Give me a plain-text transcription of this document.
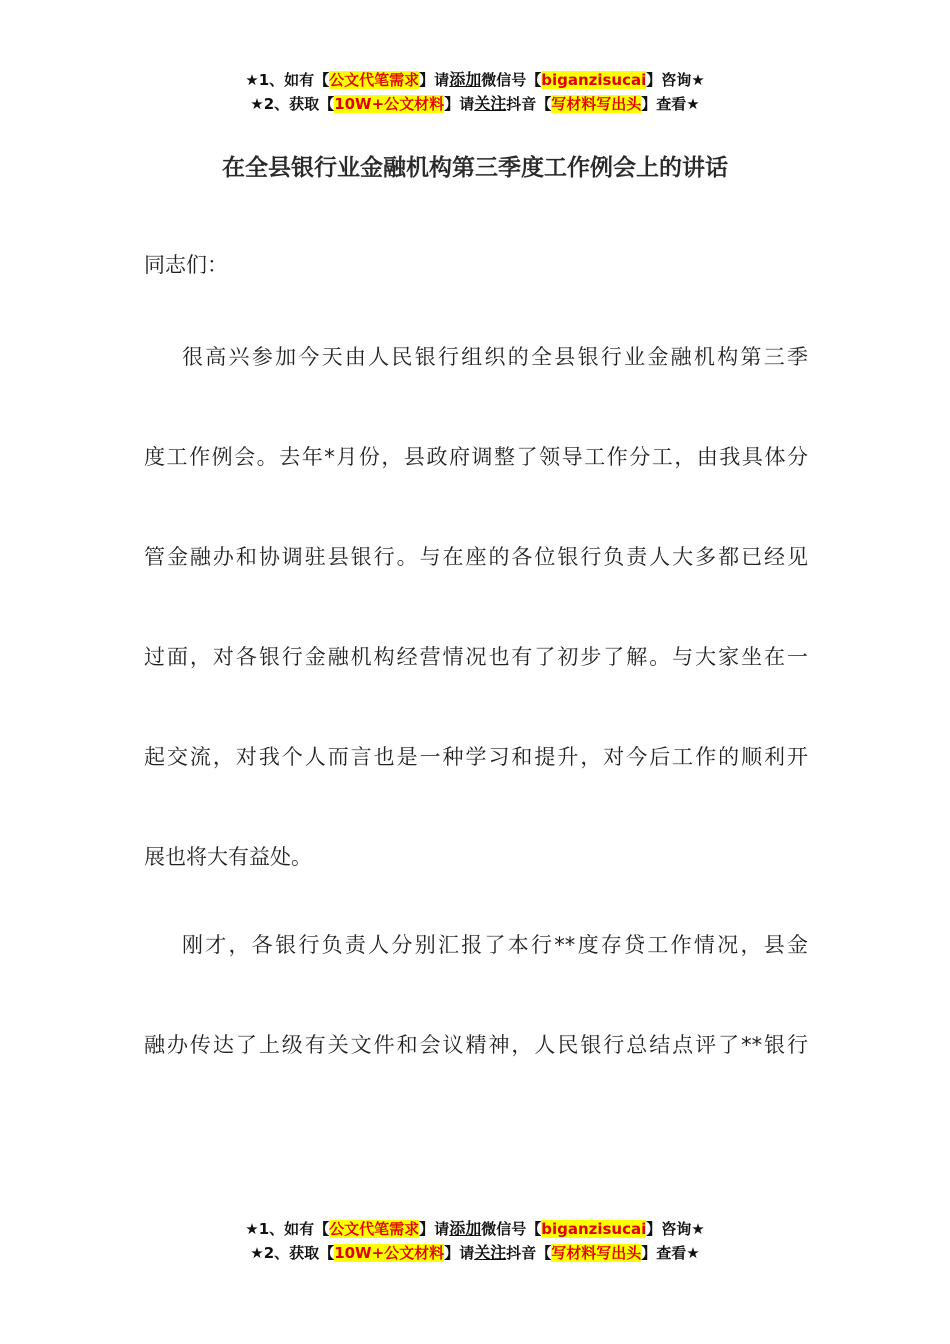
★1、如有【公文代笔需求】请添加微信号【biganzisucai】咨询★
★2、获取【10W+公文材料】请关注抖音【写材料写出头】查看★
在全县银行业金融机构第三季度工作例会上的讲话
同志们：
很高兴参加今天由人民银行组织的全县银行业金融机构第三季
度工作例会。去年*月份，县政府调整了领导工作分工，由我具体分
管金融办和协调驻县银行。与在座的各位银行负责人大多都已经见
过面，对各银行金融机构经营情况也有了初步了解。与大家坐在一
起交流，对我个人而言也是一种学习和提升，对今后工作的顺利开
展也将大有益处。
刚才，各银行负责人分别汇报了本行**度存贷工作情况，县金
融办传达了上级有关文件和会议精神，人民银行总结点评了**银行
★1、如有【公文代笔需求】请添加微信号【biganzisucai】咨询★
★2、获取【10W+公文材料】请关注抖音【写材料写出头】查看★
